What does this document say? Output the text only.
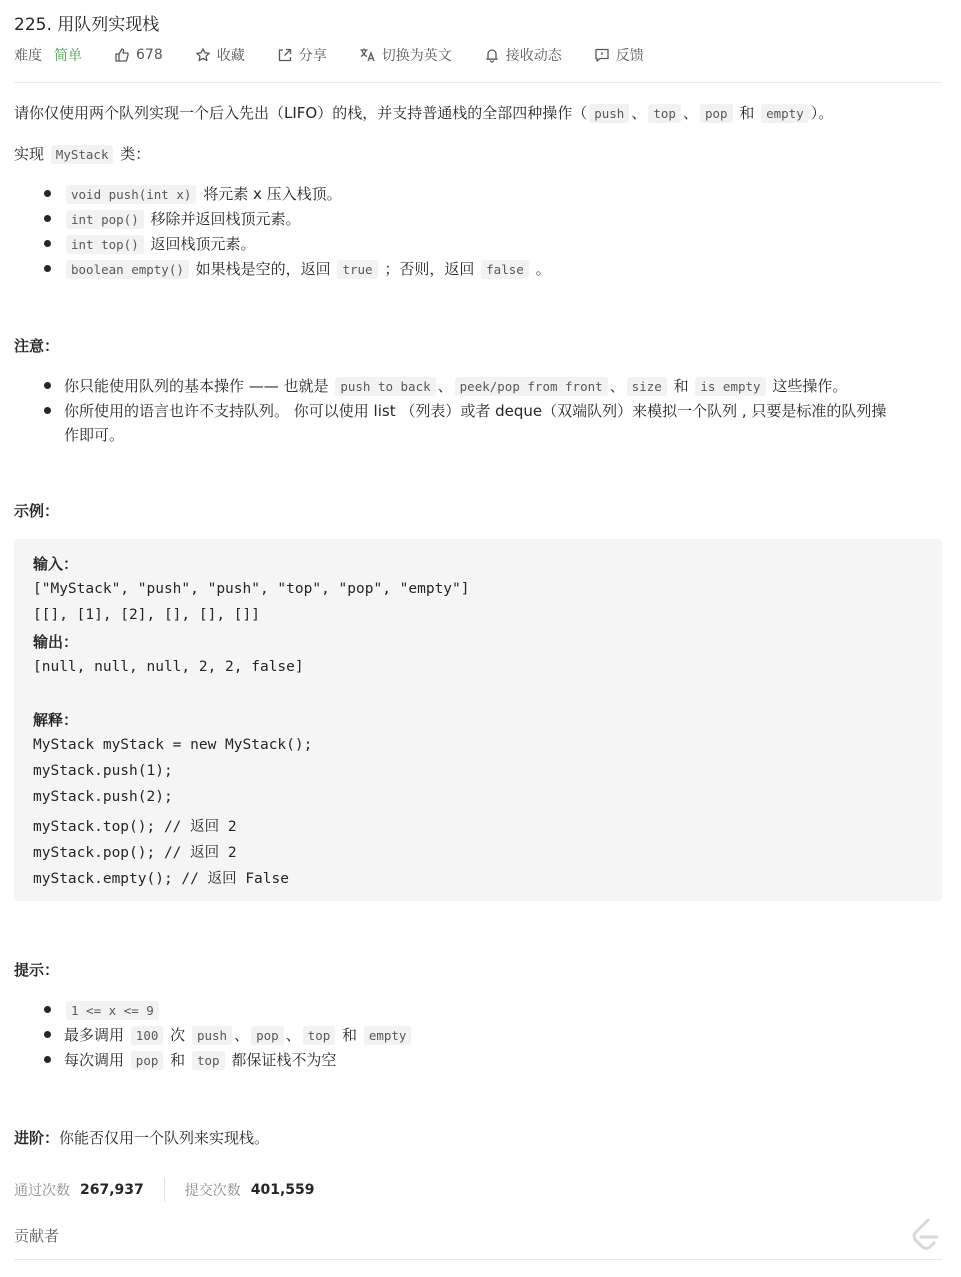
225. 用队列实现栈
难度 简单	678	收藏	分享	切换为英文	接收动态	反馈
请你仅使用两个队列实现一个后入先出（LIFO）的栈，并支持普通栈的全部四种操作（ push 、 top 、 pop 和 empty ）。
实现 MyStack 类：
void push(int x) 将元素 x 压入栈顶。
int pop() 移除并返回栈顶元素。
int top() 返回栈顶元素。
boolean empty() 如果栈是空的，返回 true ；否则，返回 false 。
注意：
你只能使用队列的基本操作 —— 也就是 push to back 、 peek/pop from front 、 size 和 is empty 这些操作。
你所使用的语言也许不支持队列。 你可以使用 list （列表）或者 deque（双端队列）来模拟一个队列 , 只要是标准的队列操
作即可。
示例：
输入：
["MyStack", "push", "push", "top", "pop", "empty"]
[[], [1], [2], [], [], []]
输出：
[null, null, null, 2, 2, false]
解释：
MyStack myStack = new MyStack();
myStack.push(1);
myStack.push(2);
myStack.top(); // 返回 2
myStack.pop(); // 返回 2
myStack.empty(); // 返回 False
提示：
1 <= x <= 9
最多调用 100 次 push 、 pop 、 top 和 empty
每次调用 pop 和 top 都保证栈不为空
进阶：你能否仅用一个队列来实现栈。
通过次数 267,937	提交次数 401,559
贡献者
